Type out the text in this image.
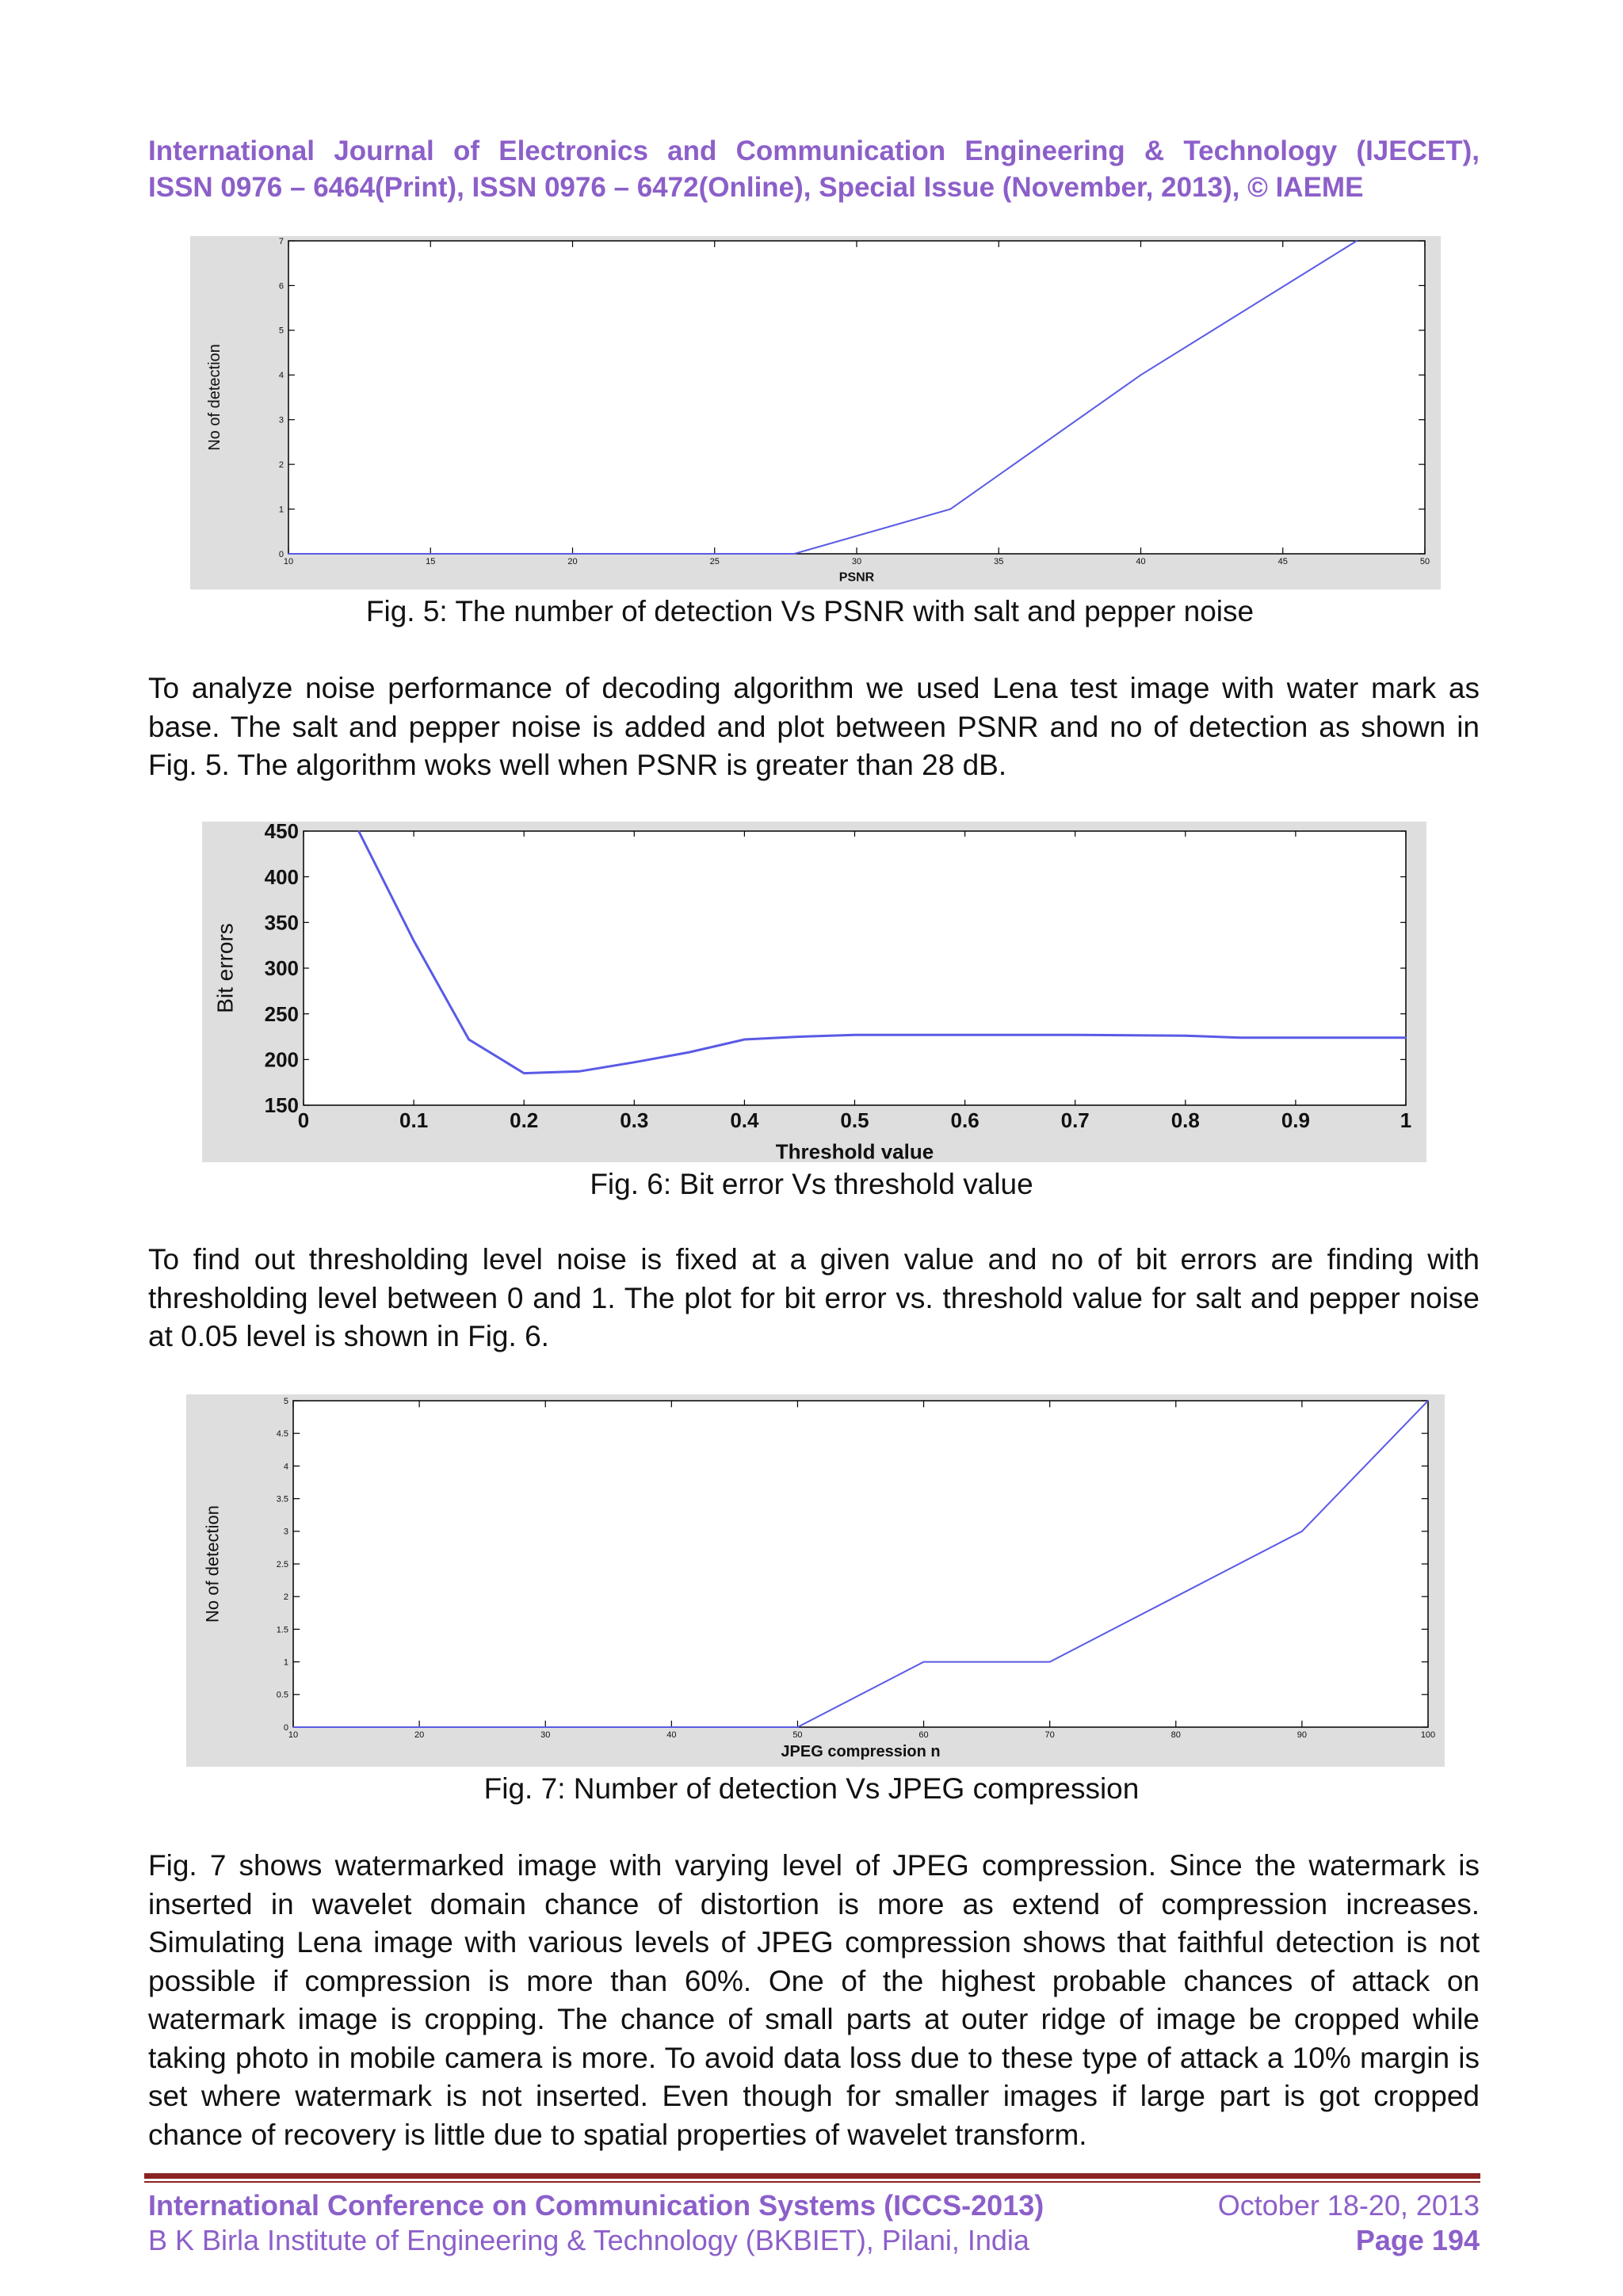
International Journal of Electronics and Communication Engineering & Technology (IJECET),
ISSN 0976 – 6464(Print), ISSN 0976 – 6472(Online), Special Issue (November, 2013), © IAEME
10	15	20	25	30	35	40	45	50
0
1
2
3
4
5
6
7
PSNR
No of detection
Fig. 5: The number of detection Vs PSNR with salt and pepper noise
To analyze noise performance of decoding algorithm we used Lena test image with water mark as base. The salt and pepper noise is added and plot between PSNR and no of detection as shown in Fig. 5. The algorithm woks well when PSNR is greater than 28 dB.
0	0.1	0.2	0.3	0.4	0.5	0.6	0.7	0.8	0.9	1
150
200
250
300
350
400
450
Threshold value
Bit errors
Fig. 6: Bit error Vs threshold value
To find out thresholding level noise is fixed at a given value and no of bit errors are finding with thresholding level between 0 and 1. The plot for bit error vs. threshold value for salt and pepper noise at 0.05 level is shown in Fig. 6.
10	20	30	40	50	60	70	80	90	100
0
0.5
1
1.5
2
2.5
3
3.5
4
4.5
5
JPEG compression n
No of detection
Fig. 7: Number of detection Vs JPEG compression
Fig. 7 shows watermarked image with varying level of JPEG compression. Since the watermark is inserted in wavelet domain chance of distortion is more as extend of compression increases. Simulating Lena image with various levels of JPEG compression shows that faithful detection is not possible if compression is more than 60%. One of the highest probable chances of attack on watermark image is cropping. The chance of small parts at outer ridge of image be cropped while taking photo in mobile camera is more. To avoid data loss due to these type of attack a 10% margin is set where watermark is not inserted. Even though for smaller images if large part is got cropped chance of recovery is little due to spatial properties of wavelet transform.
International Conference on Communication Systems (ICCS-2013)	October 18-20, 2013
B K Birla Institute of Engineering & Technology (BKBIET), Pilani, India	Page 194
